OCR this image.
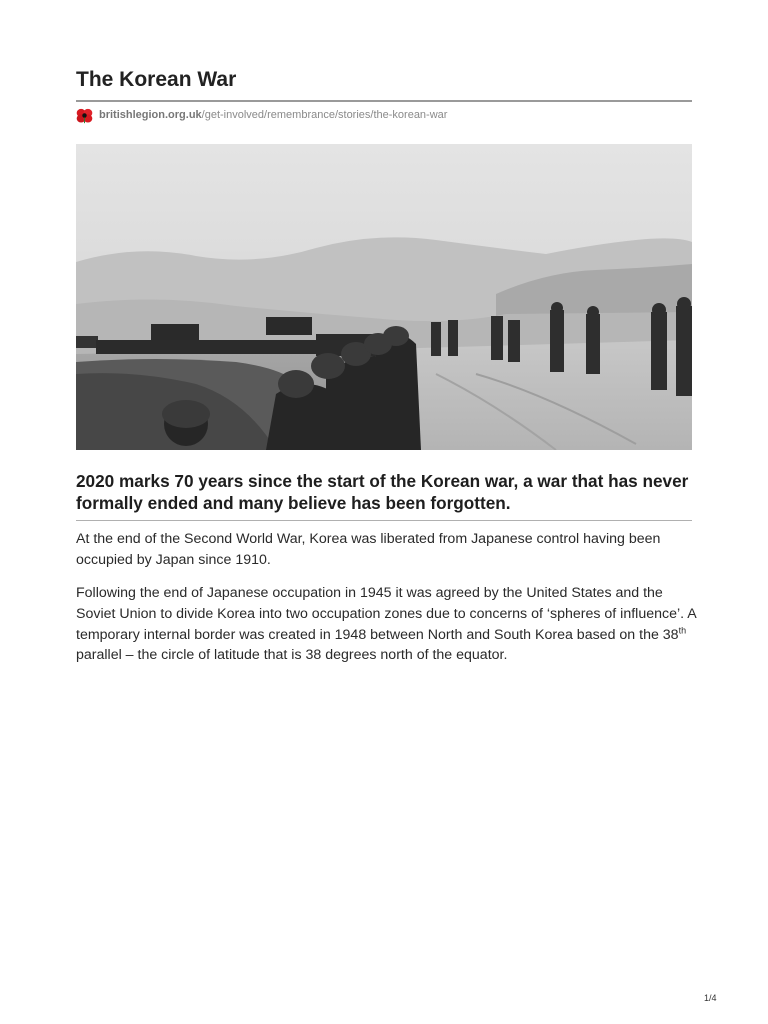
The Korean War
britishlegion.org.uk /get-involved/remembrance/stories/the-korean-war
2020 marks 70 years since the start of the Korean war, a war that has never formally ended and many believe has been forgotten.

At the end of the Second World War, Korea was liberated from Japanese control having been occupied by Japan since 1910.

Following the end of Japanese occupation in 1945 it was agreed by the United States and the Soviet Union to divide Korea into two occupation zones due to concerns of ‘spheres of influence’. A temporary internal border was created in 1948 between North and South Korea based on the 38th parallel – the circle of latitude that is 38 degrees north of the equator.

1/4
